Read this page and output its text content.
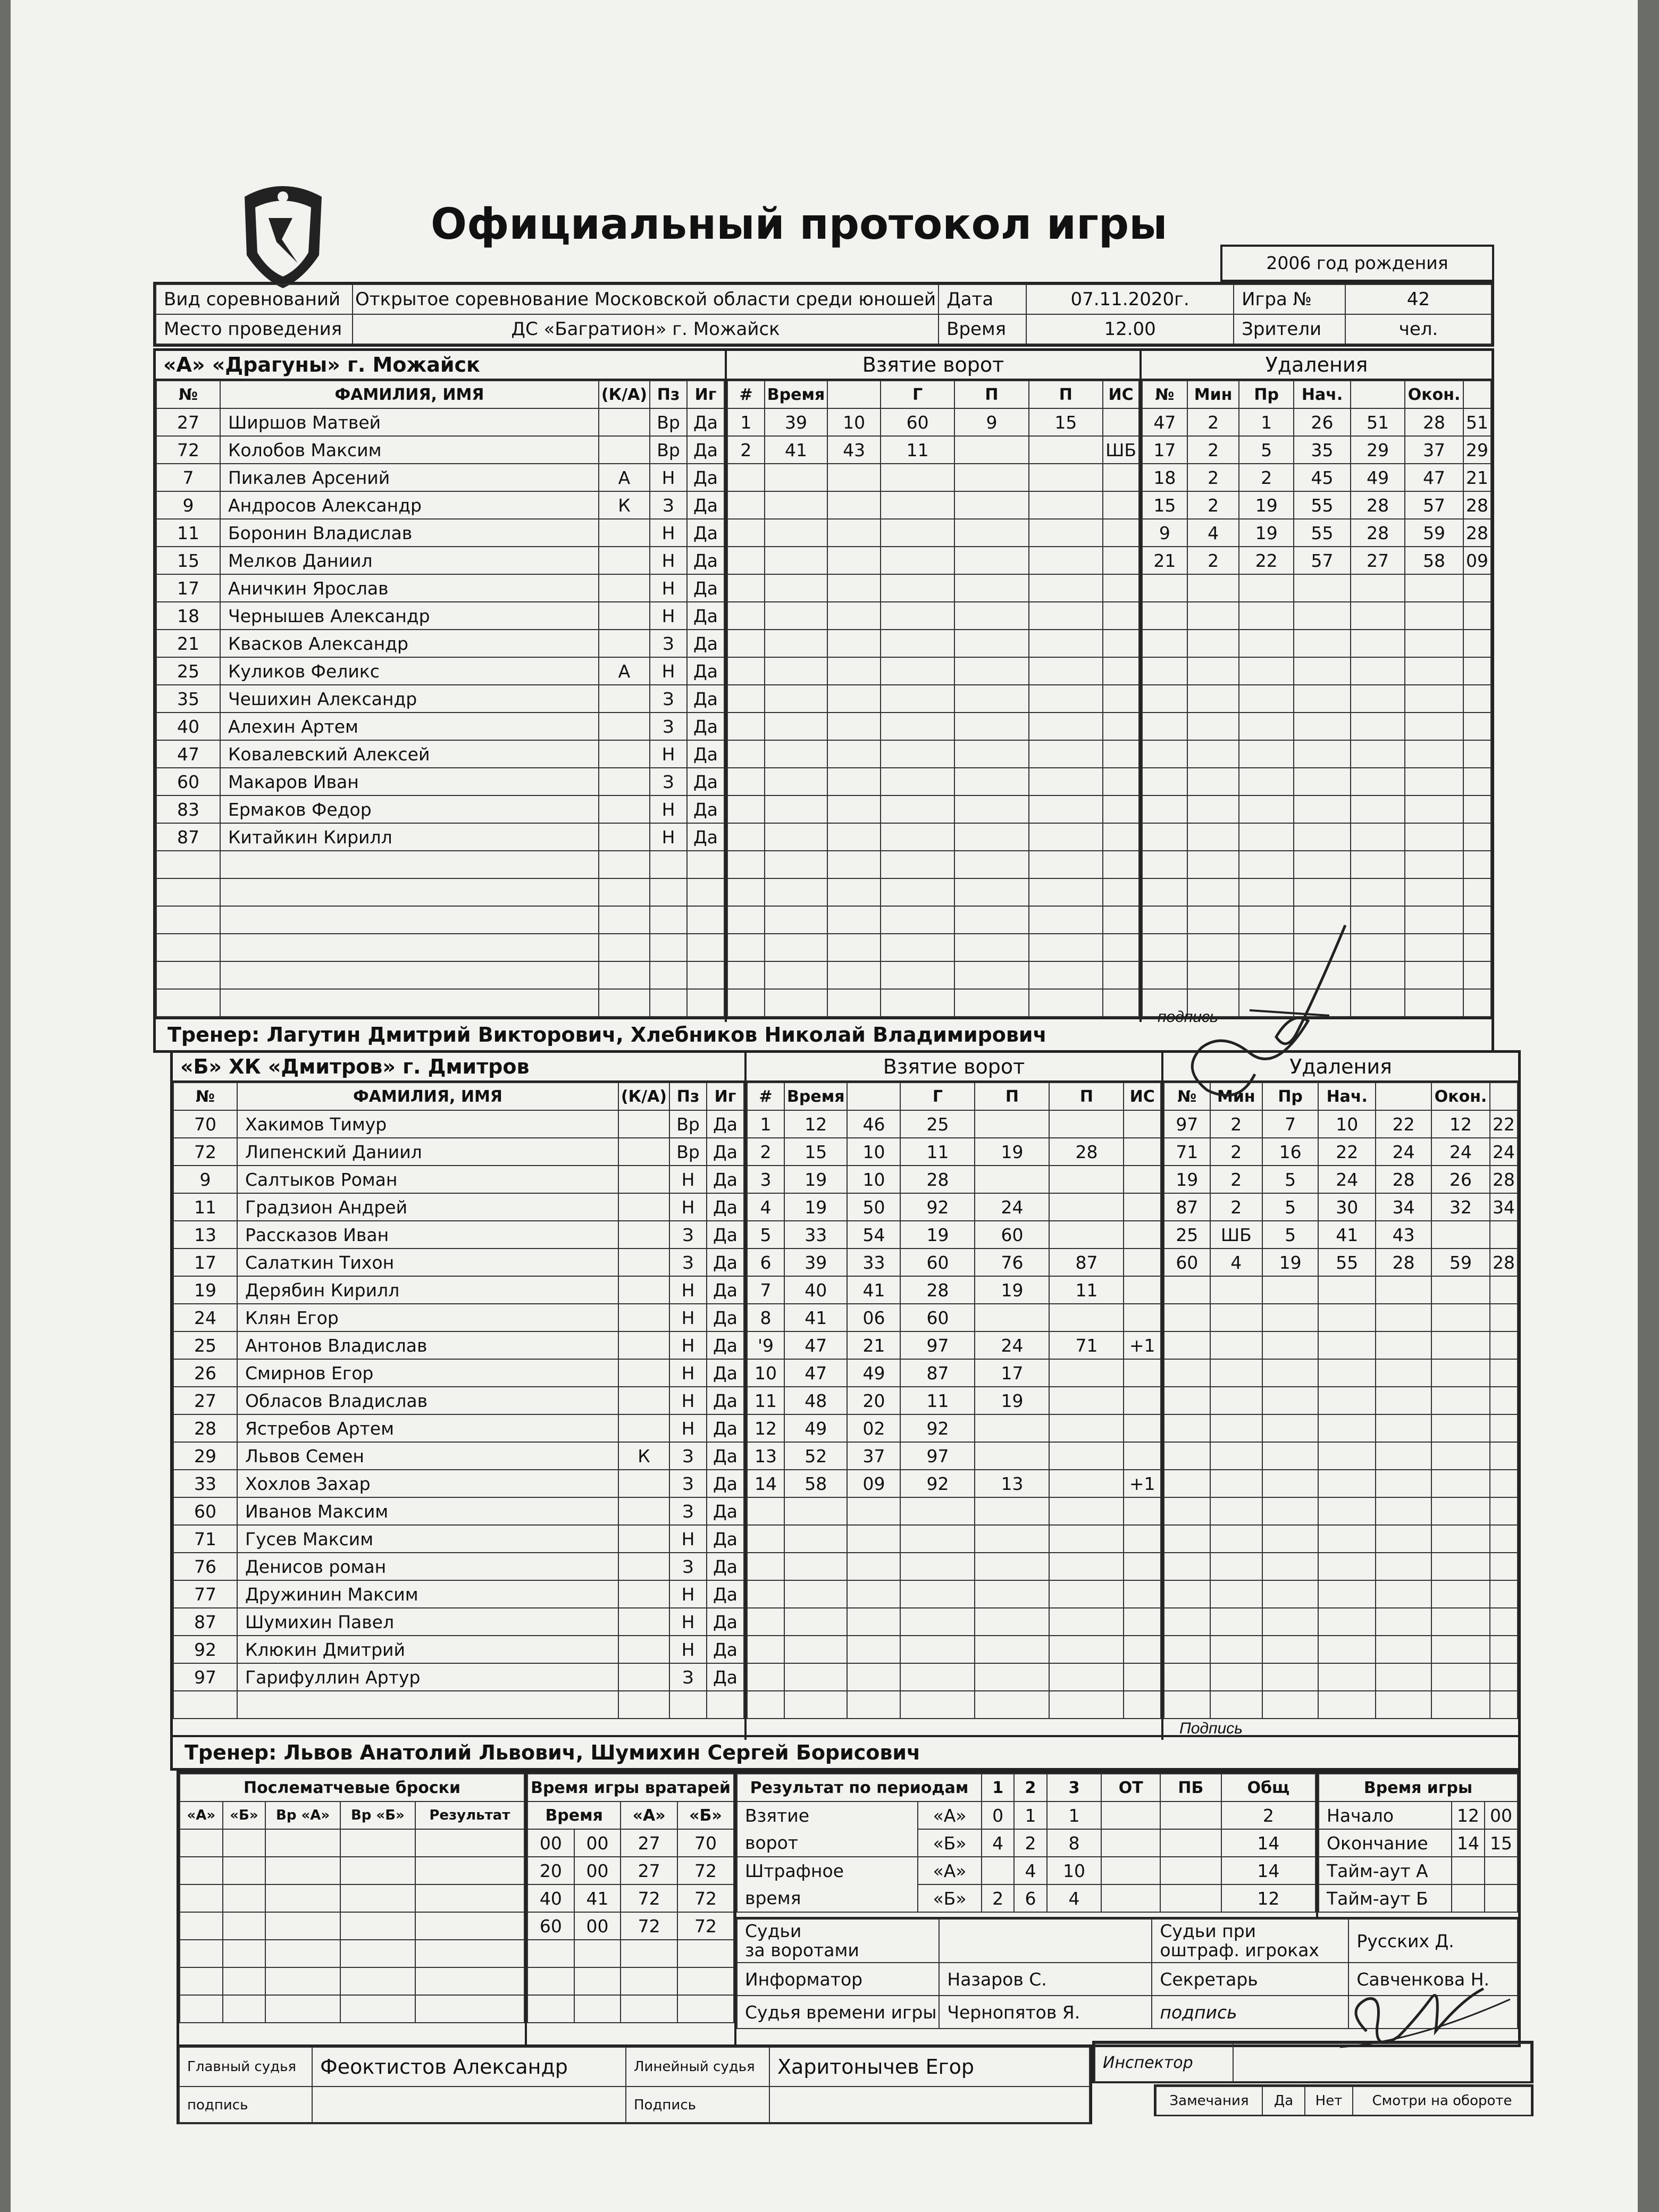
Официальный протокол игры
2006 год рождения
Вид соревнований	Открытое соревнование Московской области среди юношей	Дата	07.11.2020г.	Игра №	42
Место проведения	ДС «Багратион» г. Можайск	Время	12.00	Зрители	чел.
«А» «Драгуны» г. Можайск
№	ФАМИЛИЯ, ИМЯ	(К/А)	Пз	Иг
27	Ширшов Матвей		Вр	Да
72	Колобов Максим		Вр	Да
7	Пикалев Арсений	А	Н	Да
9	Андросов Александр	К	З	Да
11	Боронин Владислав		Н	Да
15	Мелков Даниил		Н	Да
17	Аничкин Ярослав		Н	Да
18	Чернышев Александр		Н	Да
21	Квасков Александр		З	Да
25	Куликов Феликс	А	Н	Да
35	Чешихин Александр		З	Да
40	Алехин Артем		З	Да
47	Ковалевский Алексей		Н	Да
60	Макаров Иван		З	Да
83	Ермаков Федор		Н	Да
87	Китайкин Кирилл		Н	Да

Взятие ворот
#	Время		Г	П	П	ИС
1	39	10	60	9	15	
2	41	43	11			ШБ

Удаления
№	Мин	Пр	Нач.		Окон.	
47	2	1	26	51	28	51
17	2	5	35	29	37	29
18	2	2	45	49	47	21
15	2	19	55	28	57	28
9	4	19	55	28	59	28
21	2	22	57	27	58	09

подпись
Тренер: Лагутин Дмитрий Викторович, Хлебников Николай Владимирович
«Б» ХК «Дмитров» г. Дмитров
№	ФАМИЛИЯ, ИМЯ	(К/А)	Пз	Иг
70	Хакимов Тимур		Вр	Да
72	Липенский Даниил		Вр	Да
9	Салтыков Роман		Н	Да
11	Градзион Андрей		Н	Да
13	Рассказов Иван		З	Да
17	Салаткин Тихон		З	Да
19	Дерябин Кирилл		Н	Да
24	Клян Егор		Н	Да
25	Антонов Владислав		Н	Да
26	Смирнов Егор		Н	Да
27	Обласов Владислав		Н	Да
28	Ястребов Артем		Н	Да
29	Львов Семен	К	З	Да
33	Хохлов Захар		З	Да
60	Иванов Максим		З	Да
71	Гусев Максим		Н	Да
76	Денисов роман		З	Да
77	Дружинин Максим		Н	Да
87	Шумихин Павел		Н	Да
92	Клюкин Дмитрий		Н	Да
97	Гарифуллин Артур		З	Да

Взятие ворот
#	Время		Г	П	П	ИС
1	12	46	25			
2	15	10	11	19	28	
3	19	10	28			
4	19	50	92	24		
5	33	54	19	60		
6	39	33	60	76	87	
7	40	41	28	19	11	
8	41	06	60			
'9	47	21	97	24	71	+1
10	47	49	87	17		
11	48	20	11	19		
12	49	02	92			
13	52	37	97			
14	58	09	92	13		+1

Удаления
№	Мин	Пр	Нач.		Окон.	
97	2	7	10	22	12	22
71	2	16	22	24	24	24
19	2	5	24	28	26	28
87	2	5	30	34	32	34
25	ШБ	5	41	43		
60	4	19	55	28	59	28

Подпись
Тренер: Львов Анатолий Львович, Шумихин Сергей Борисович
Послематчевые броски				
«А»	«Б»	Вр «А»	Вр «Б»	Результат

Время игры вратарей			
Время		«А»	«Б»
00	00	27	70
20	00	27	72
40	41	72	72
60	00	72	72

Результат по периодам		1	2	3	ОТ	ПБ	Общ
Взятие	«А»	0	1	1			2
ворот	«Б»	4	2	8			14
Штрафное	«А»		4	10			14
время	«Б»	2	6	4			12
Время игры		
Начало	12	00
Окончание	14	15
Тайм-аут А		
Тайм-аут Б		
Судьи
за воротами		Судьи при
оштраф. игроках	Русских Д.
Информатор	Назаров С.	Секретарь	Савченкова Н.
Судья времени игры	Чернопятов Я.	подпись	
Главный судья	Феоктистов Александр	Линейный судья	Харитонычев Егор
подпись		Подпись	
Инспектор	
Замечания	Да	Нет	Смотри на обороте
